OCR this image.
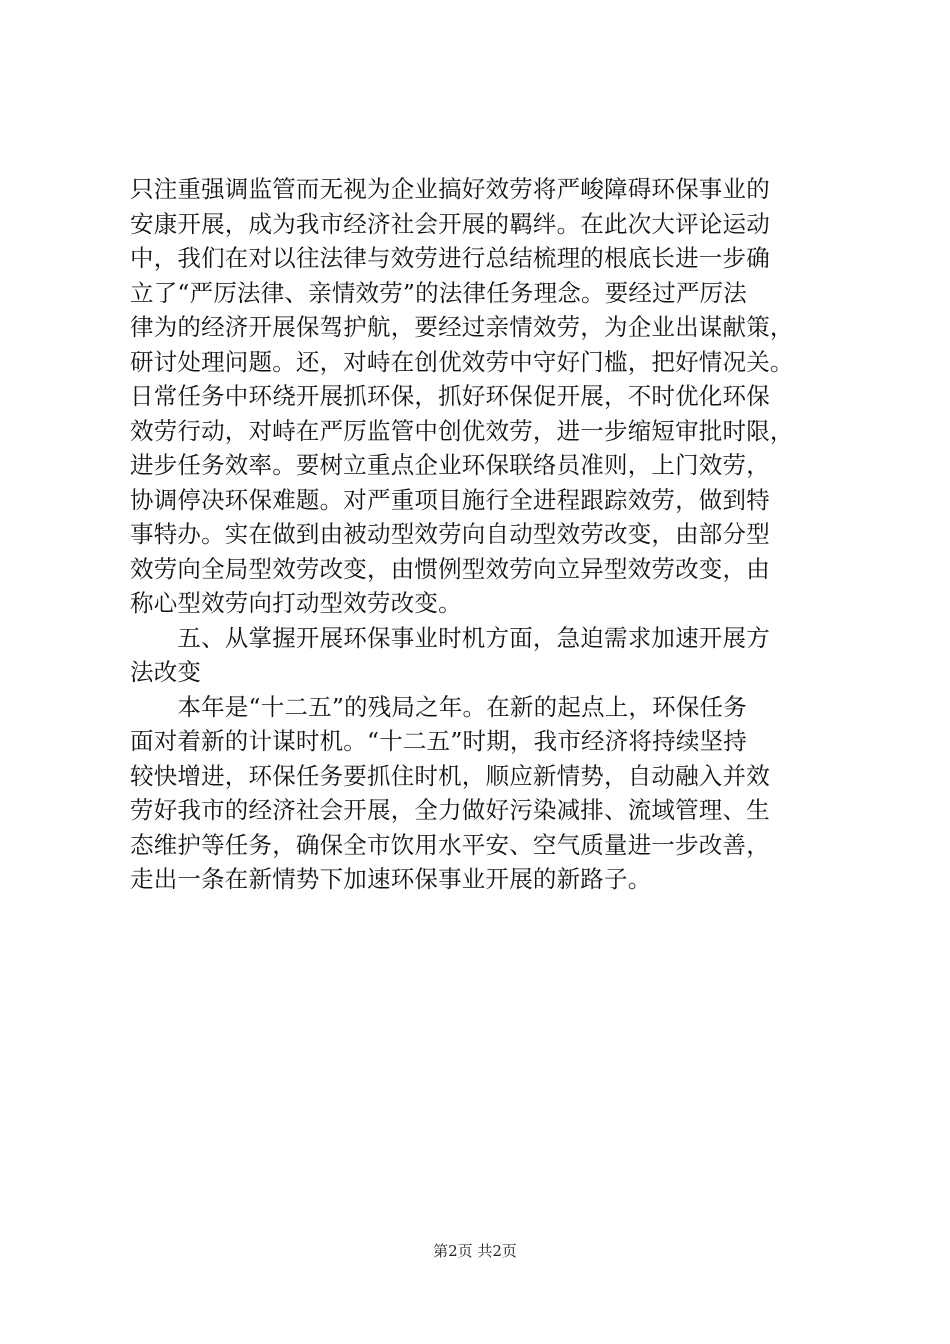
只注重强调监管而无视为企业搞好效劳将严峻障碍环保事业的
安康开展，成为我市经济社会开展的羁绊。在此次大评论运动
中，我们在对以往法律与效劳进行总结梳理的根底长进一步确
立了“严厉法律、亲情效劳”的法律任务理念。要经过严厉法
律为的经济开展保驾护航，要经过亲情效劳，为企业出谋献策，
研讨处理问题。还，对峙在创优效劳中守好门槛，把好情况关。
日常任务中环绕开展抓环保，抓好环保促开展，不时优化环保
效劳行动，对峙在严厉监管中创优效劳，进一步缩短审批时限，
进步任务效率。要树立重点企业环保联络员准则，上门效劳，
协调停决环保难题。对严重项目施行全进程跟踪效劳，做到特
事特办。实在做到由被动型效劳向自动型效劳改变，由部分型
效劳向全局型效劳改变，由惯例型效劳向立异型效劳改变，由
称心型效劳向打动型效劳改变。
　　五、从掌握开展环保事业时机方面，急迫需求加速开展方
法改变
　　本年是“十二五”的残局之年。在新的起点上，环保任务
面对着新的计谋时机。“十二五”时期，我市经济将持续坚持
较快增进，环保任务要抓住时机，顺应新情势，自动融入并效
劳好我市的经济社会开展，全力做好污染减排、流域管理、生
态维护等任务，确保全市饮用水平安、空气质量进一步改善，
走出一条在新情势下加速环保事业开展的新路子。
第2页 共2页
